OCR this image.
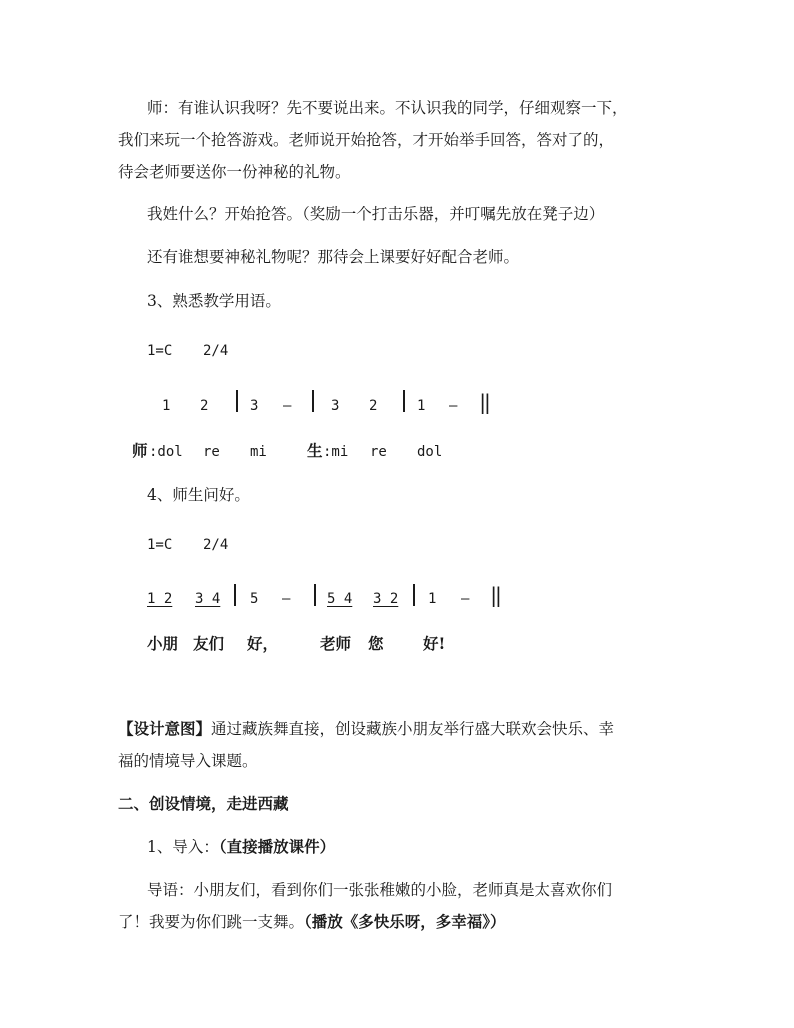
师：有谁认识我呀？先不要说出来。不认识我的同学，仔细观察一下，
我们来玩一个抢答游戏。老师说开始抢答，才开始举手回答，答对了的，
待会老师要送你一份神秘的礼物。
我姓什么？开始抢答。（奖励一个打击乐器，并叮嘱先放在凳子边）
还有谁想要神秘礼物呢？那待会上课要好好配合老师。
3、熟悉教学用语。
1=C 2/4
1 2	3 –	3 2	1 – ‖
师 :dol re mi	生 :mi re dol
4、师生问好。
1=C 2/4
1 2 3 4 5 –	5 4 3 2 1 – ‖
小朋 友们 好，	老师 您	好!
【设计意图】通过藏族舞直接，创设藏族小朋友举行盛大联欢会快乐、幸
福的情境导入课题。
二、创设情境，走进西藏
1、导入：（直接播放课件）
导语：小朋友们，看到你们一张张稚嫩的小脸，老师真是太喜欢你们
了！我要为你们跳一支舞。（播放《多快乐呀，多幸福》）
